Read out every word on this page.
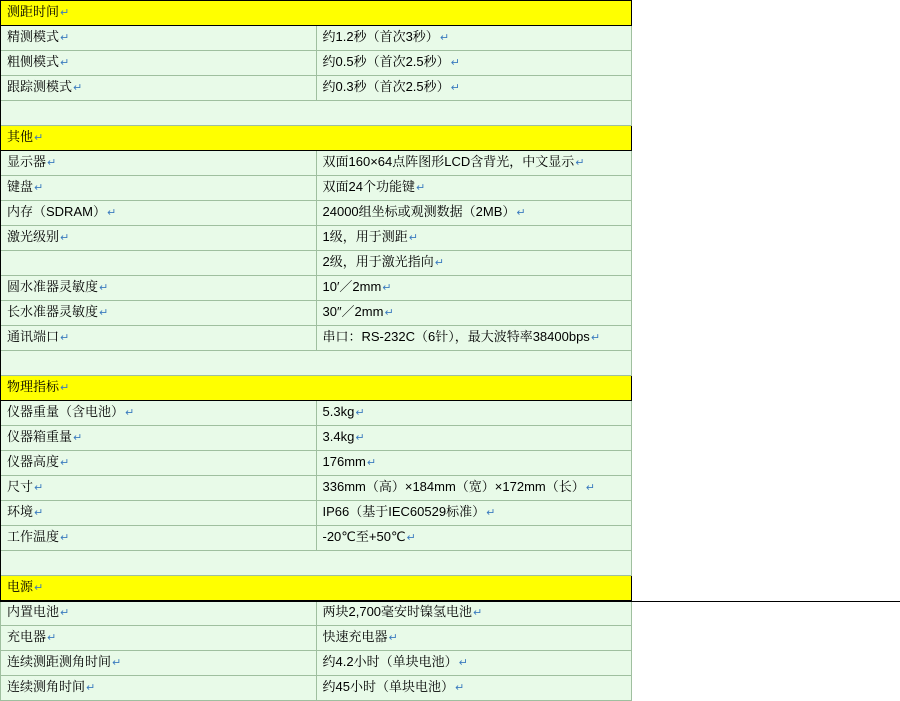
测距时间↵	
精测模式↵	约1.2秒（首次3秒）↵
粗侧模式↵	约0.5秒（首次2.5秒）↵
跟踪测模式↵	约0.3秒（首次2.5秒）↵

其他↵	
显示器↵	双面160×64点阵图形LCD含背光，中文显示↵
键盘↵	双面24个功能键↵
内存（SDRAM）↵	24000组坐标或观测数据（2MB）↵
激光级别↵	1级，用于测距↵
	2级，用于激光指向↵
圆水准器灵敏度↵	10′／2mm↵
长水准器灵敏度↵	30″／2mm↵
通讯端口↵	串口：RS-232C（6针），最大波特率38400bps↵

物理指标↵	
仪器重量（含电池）↵	5.3kg↵
仪器箱重量↵	3.4kg↵
仪器高度↵	176mm↵
尺寸↵	336mm（高）×184mm（宽）×172mm（长）↵
环境↵	IP66（基于IEC60529标准）↵
工作温度↵	-20℃至+50℃↵

电源↵	
内置电池↵	两块2,700毫安时镍氢电池↵
充电器↵	快速充电器↵
连续测距测角时间↵	约4.2小时（单块电池）↵
连续测角时间↵	约45小时（单块电池）↵
